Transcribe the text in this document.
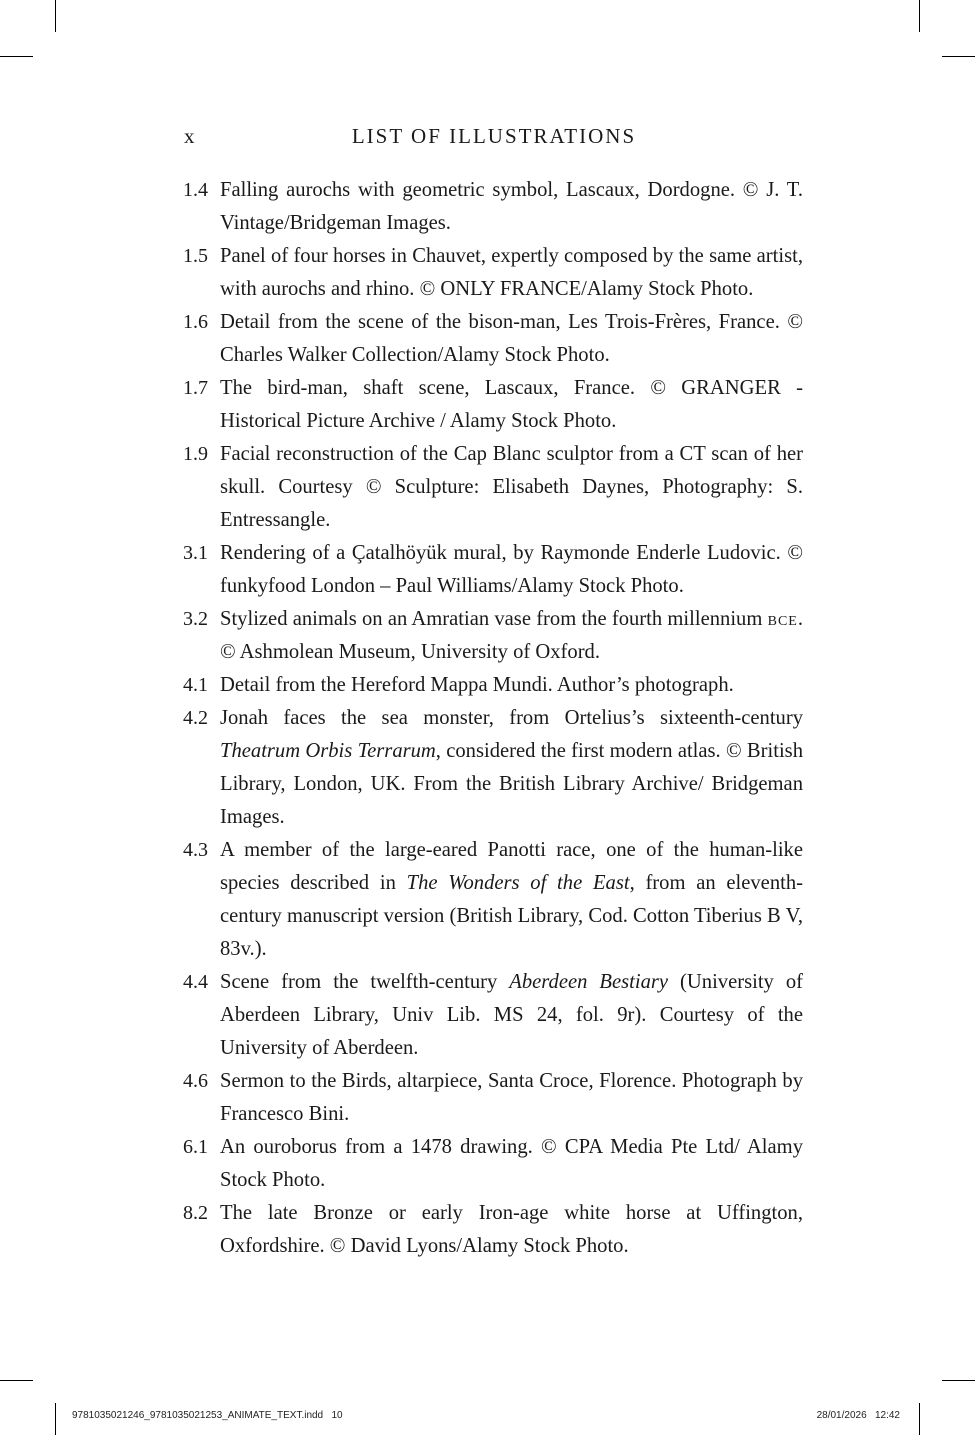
x	LIST OF ILLUSTRATIONS
1.4 Falling aurochs with geometric symbol, Lascaux, Dordogne. © J. T. Vintage/Bridgeman Images.
1.5 Panel of four horses in Chauvet, expertly composed by the same artist, with aurochs and rhino. © ONLY FRANCE/Alamy Stock Photo.
1.6 Detail from the scene of the bison-man, Les Trois-Frères, France. © Charles Walker Collection/Alamy Stock Photo.
1.7 The bird-man, shaft scene, Lascaux, France. © GRANGER - Historical Picture Archive / Alamy Stock Photo.
1.9 Facial reconstruction of the Cap Blanc sculptor from a CT scan of her skull. Courtesy © Sculpture: Elisabeth Daynes, Photography: S. Entressangle.
3.1 Rendering of a Çatalhöyük mural, by Raymonde Enderle Ludovic. © funkyfood London – Paul Williams/Alamy Stock Photo.
3.2 Stylized animals on an Amratian vase from the fourth millennium bce. © Ashmolean Museum, University of Oxford.
4.1 Detail from the Hereford Mappa Mundi. Author’s photograph.
4.2 Jonah faces the sea monster, from Ortelius’s sixteenth-century Theatrum Orbis Terrarum, considered the first modern atlas. © British Library, London, UK. From the British Library Archive/ Bridgeman Images.
4.3 A member of the large-eared Panotti race, one of the human-like species described in The Wonders of the East, from an eleventh-century manuscript version (British Library, Cod. Cotton Tiberius B V, 83v.).
4.4 Scene from the twelfth-century Aberdeen Bestiary (University of Aberdeen Library, Univ Lib. MS 24, fol. 9r). Courtesy of the University of Aberdeen.
4.6 Sermon to the Birds, altarpiece, Santa Croce, Florence. Photograph by Francesco Bini.
6.1 An ouroborus from a 1478 drawing. © CPA Media Pte Ltd/ Alamy Stock Photo.
8.2 The late Bronze or early Iron-age white horse at Uffington, Oxfordshire. © David Lyons/Alamy Stock Photo.
9781035021246_9781035021253_ANIMATE_TEXT.indd   10	28/01/2026   12:42
